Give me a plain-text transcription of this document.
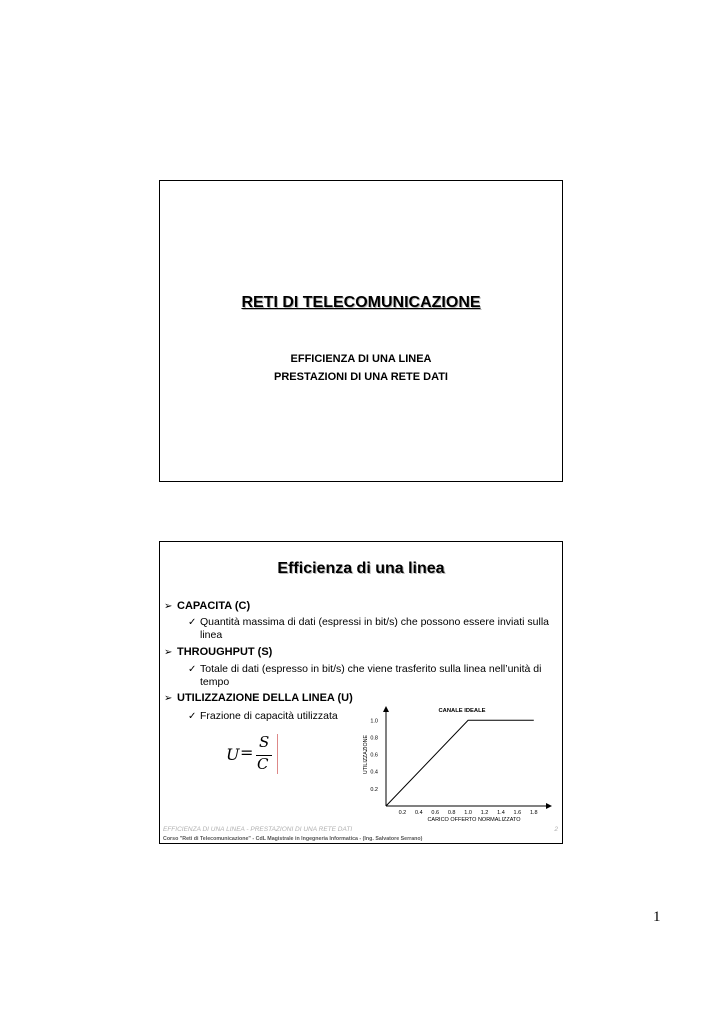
RETI DI TELECOMUNICAZIONE
EFFICIENZA DI UNA LINEA
PRESTAZIONI DI UNA RETE DATI
Efficienza di una linea
➢ CAPACITA (C)
✓ Quantità massima di dati (espressi in bit/s) che possono essere inviati sulla linea
➢ THROUGHPUT (S)
✓ Totale di dati (espresso in bit/s) che viene trasferito sulla linea nell’unità di tempo
➢ UTILIZZAZIONE DELLA LINEA (U)
✓ Frazione di capacità utilizzata
U =
S
C
0.2 0.4 0.6 0.8 1.0 1.2 1.4 1.6 1.8
0.2
0.4
0.6
0.8
1.0
CANALE IDEALE
CARICO OFFERTO NORMALIZZATO
UTILIZZAZIONE
EFFICIENZA DI UNA LINEA - PRESTAZIONI DI UNA RETE DATI	2
Corso "Reti di Telecomunicazione" - CdL Magistrale in Ingegneria Informatica - (Ing. Salvatore Serrano)
1
